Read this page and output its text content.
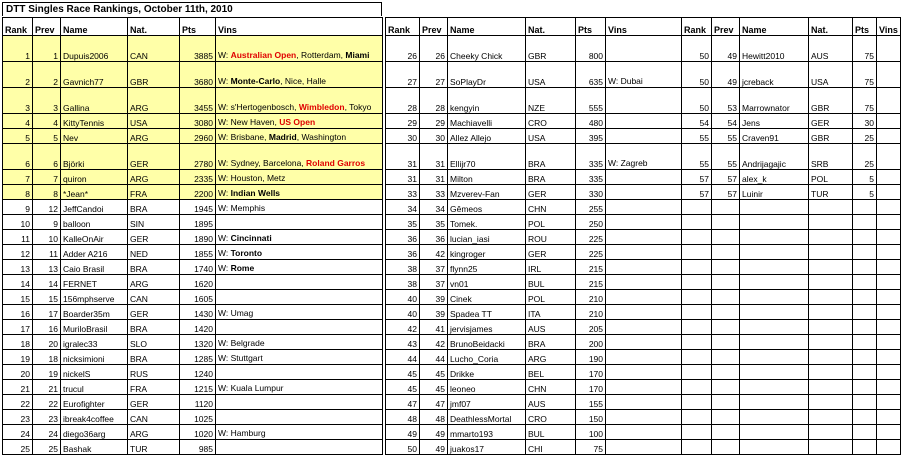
DTT Singles Race Rankings, October 11th, 2010
Rank	Prev	Name	Nat.	Pts	Vins
1	1	Dupuis2006	CAN	3885	W: Australian Open, Rotterdam, Miami
2	2	Gavnich77	GBR	3680	W: Monte-Carlo, Nice, Halle
3	3	Gallina	ARG	3455	W: s'Hertogenbosch, Wimbledon, Tokyo
4	4	KittyTennis	USA	3080	W: New Haven, US Open
5	5	Nev	ARG	2960	W: Brisbane, Madrid, Washington
6	6	Björki	GER	2780	W: Sydney, Barcelona, Roland Garros
7	7	quiron	ARG	2335	W: Houston, Metz
8	8	*Jean*	FRA	2200	W: Indian Wells
9	12	JeffCandoi	BRA	1945	W: Memphis
10	9	balloon	SIN	1895	
11	10	KalleOnAir	GER	1890	W: Cincinnati
12	11	Adder A216	NED	1855	W: Toronto
13	13	Caio Brasil	BRA	1740	W: Rome
14	14	FERNET	ARG	1620	
15	15	156mphserve	CAN	1605	
16	17	Boarder35m	GER	1430	W: Umag
17	16	MuriloBrasil	BRA	1420	
18	20	igralec33	SLO	1320	W: Belgrade
19	18	nicksimioni	BRA	1285	W: Stuttgart
20	19	nickelS	RUS	1240	
21	21	trucul	FRA	1215	W: Kuala Lumpur
22	22	Eurofighter	GER	1120	
23	23	ibreak4coffee	CAN	1025	
24	24	diego36arg	ARG	1020	W: Hamburg
25	25	Bashak	TUR	985	
Rank	Prev	Name	Nat.	Pts	Vins
26	26	Cheeky Chick	GBR	800	
27	27	SoPlayDr	USA	635	W: Dubai
28	28	kengyin	NZE	555	
29	29	Machiavelli	CRO	480	
30	30	Allez Allejo	USA	395	
31	31	Ellijr70	BRA	335	W: Zagreb
31	31	Milton	BRA	335	
33	33	Mzverev-Fan	GER	330	
34	34	Gêmeos	CHN	255	
35	35	Tomek.	POL	250	
36	36	lucian_iasi	ROU	225	
36	42	kingroger	GER	225	
38	37	flynn25	IRL	215	
38	37	vn01	BUL	215	
40	39	Cinek	POL	210	
40	39	Spadea TT	ITA	210	
42	41	jervisjames	AUS	205	
43	42	BrunoBeidacki	BRA	200	
44	44	Lucho_Coria	ARG	190	
45	45	Drikke	BEL	170	
45	45	leoneo	CHN	170	
47	47	jmf07	AUS	155	
48	48	DeathlessMortal	CRO	150	
49	49	mmarto193	BUL	100	
50	49	juakos17	CHI	75	
Rank	Prev	Name	Nat.	Pts	Vins
50	49	Hewitt2010	AUS	75	
50	49	jcreback	USA	75	
50	53	Marrownator	GBR	75	
54	54	Jens	GER	30	
55	55	Craven91	GBR	25	
55	55	Andrijagajic	SRB	25	
57	57	alex_k	POL	5	
57	57	Luinir	TUR	5	
